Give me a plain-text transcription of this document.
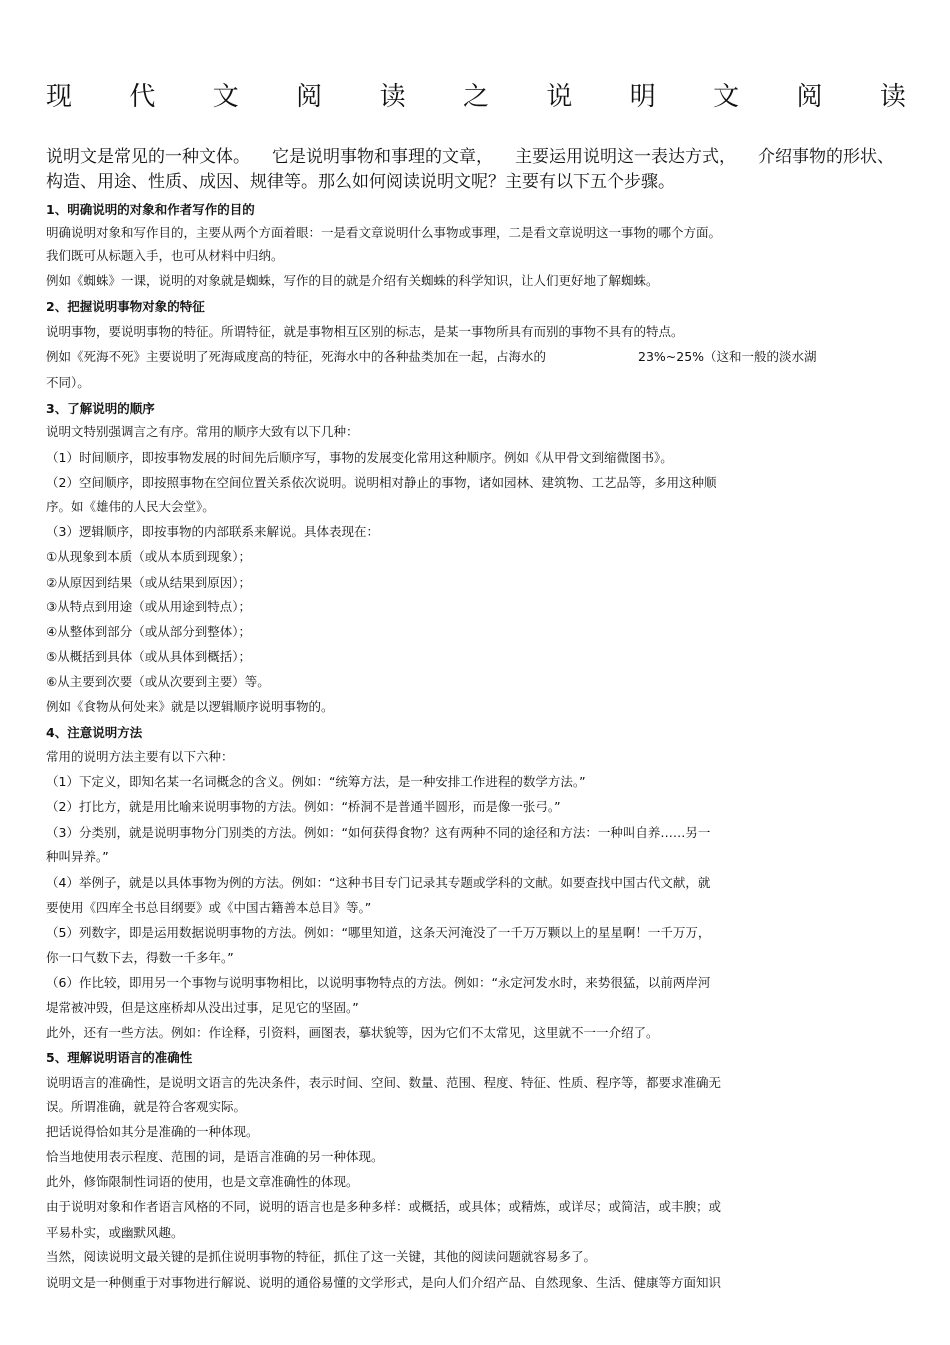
现 代 文 阅 读 之 说 明 文 阅 读
说明文是常见的一种文体。 它是说明事物和事理的文章， 主要运用说明这一表达方式， 介绍事物的形状、
构造、用途、性质、成因、规律等。那么如何阅读说明文呢？主要有以下五个步骤。
1、明确说明的对象和作者写作的目的
明确说明对象和写作目的，主要从两个方面着眼：一是看文章说明什么事物或事理，二是看文章说明这一事物的哪个方面。
我们既可从标题入手，也可从材料中归纳。
例如《蜘蛛》一课，说明的对象就是蜘蛛，写作的目的就是介绍有关蜘蛛的科学知识，让人们更好地了解蜘蛛。
2、把握说明事物对象的特征
说明事物，要说明事物的特征。所谓特征，就是事物相互区别的标志，是某一事物所具有而别的事物不具有的特点。
例如《死海不死》主要说明了死海咸度高的特征，死海水中的各种盐类加在一起，占海水的	23%~25%（这和一般的淡水湖
不同）。
3、了解说明的顺序
说明文特别强调言之有序。常用的顺序大致有以下几种：
（1）时间顺序，即按事物发展的时间先后顺序写，事物的发展变化常用这种顺序。例如《从甲骨文到缩微图书》。
（2）空间顺序，即按照事物在空间位置关系依次说明。说明相对静止的事物，诸如园林、建筑物、工艺品等，多用这种顺
序。如《雄伟的人民大会堂》。
（3）逻辑顺序，即按事物的内部联系来解说。具体表现在：
①从现象到本质（或从本质到现象）；
②从原因到结果（或从结果到原因）；
③从特点到用途（或从用途到特点）；
④从整体到部分（或从部分到整体）；
⑤从概括到具体（或从具体到概括）；
⑥从主要到次要（或从次要到主要）等。
例如《食物从何处来》就是以逻辑顺序说明事物的。
4、注意说明方法
常用的说明方法主要有以下六种：
（1）下定义，即知名某一名词概念的含义。例如：“统筹方法，是一种安排工作进程的数学方法。”
（2）打比方，就是用比喻来说明事物的方法。例如：“桥洞不是普通半圆形，而是像一张弓。”
（3）分类别，就是说明事物分门别类的方法。例如：“如何获得食物？这有两种不同的途径和方法：一种叫自养……另一
种叫异养。”
（4）举例子，就是以具体事物为例的方法。例如：“这种书目专门记录其专题或学科的文献。如要查找中国古代文献，就
要使用《四库全书总目纲要》或《中国古籍善本总目》等。”
（5）列数字，即是运用数据说明事物的方法。例如：“哪里知道，这条天河淹没了一千万万颗以上的星星啊！一千万万，
你一口气数下去，得数一千多年。”
（6）作比较，即用另一个事物与说明事物相比，以说明事物特点的方法。例如：“永定河发水时，来势很猛，以前两岸河
堤常被冲毁，但是这座桥却从没出过事，足见它的坚固。”
此外，还有一些方法。例如：作诠释，引资料，画图表，摹状貌等，因为它们不太常见，这里就不一一介绍了。
5、理解说明语言的准确性
说明语言的准确性，是说明文语言的先决条件，表示时间、空间、数量、范围、程度、特征、性质、程序等，都要求准确无
误。所谓准确，就是符合客观实际。
把话说得恰如其分是准确的一种体现。
恰当地使用表示程度、范围的词，是语言准确的另一种体现。
此外，修饰限制性词语的使用，也是文章准确性的体现。
由于说明对象和作者语言风格的不同，说明的语言也是多种多样：或概括，或具体；或精炼，或详尽；或简洁，或丰腴；或
平易朴实，或幽默风趣。
当然，阅读说明文最关键的是抓住说明事物的特征，抓住了这一关键，其他的阅读问题就容易多了。
说明文是一种侧重于对事物进行解说、说明的通俗易懂的文学形式，是向人们介绍产品、自然现象、生活、健康等方面知识
